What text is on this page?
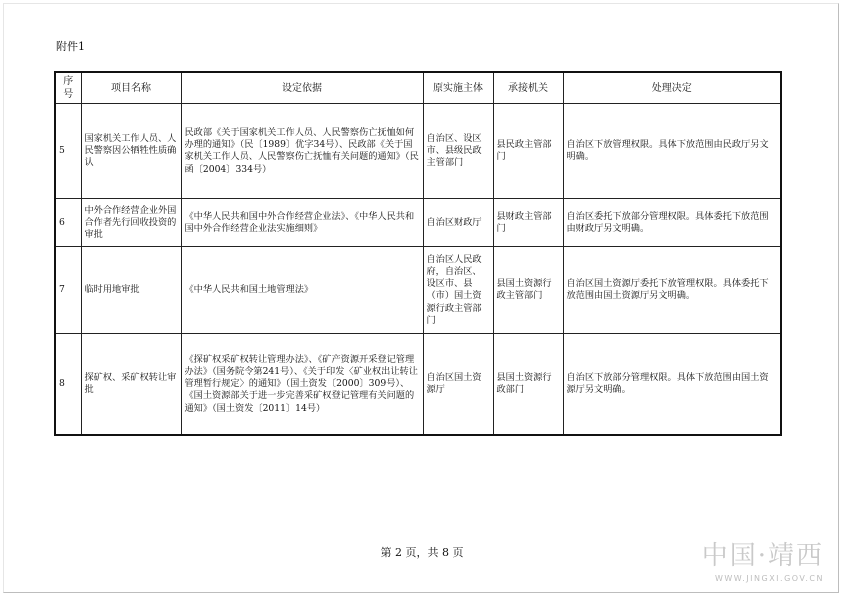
附件1
序号	项目名称	设定依据	原实施主体	承接机关	处理决定
5	国家机关工作人员、人民警察因公牺牲性质确认	民政部《关于国家机关工作人员、人民警察伤亡抚恤如何办理的通知》（民〔1989〕优字34号）、民政部《关于国家机关工作人员、人民警察伤亡抚恤有关问题的通知》（民函〔2004〕334号）	自治区、设区市、县级民政主管部门	县民政主管部门	自治区下放管理权限。具体下放范围由民政厅另文明确。
6	中外合作经营企业外国合作者先行回收投资的审批	《中华人民共和国中外合作经营企业法》、《中华人民共和国中外合作经营企业法实施细则》	自治区财政厅	县财政主管部门	自治区委托下放部分管理权限。具体委托下放范围由财政厅另文明确。
7	临时用地审批	《中华人民共和国土地管理法》	自治区人民政府，自治区、设区市、县（市）国土资源行政主管部门	县国土资源行政主管部门	自治区国土资源厅委托下放管理权限。具体委托下放范围由国土资源厅另文明确。
8	探矿权、采矿权转让审批	《探矿权采矿权转让管理办法》、《矿产资源开采登记管理办法》（国务院令第241号）、《关于印发〈矿业权出让转让管理暂行规定〉的通知》（国土资发〔2000〕309号）、《国土资源部关于进一步完善采矿权登记管理有关问题的通知》（国土资发〔2011〕14号）	自治区国土资源厅	县国土资源行政部门	自治区下放部分管理权限。具体下放范围由国土资源厅另文明确。
第 2 页，共 8 页	中国·靖西
WWW.JINGXI.GOV.CN
